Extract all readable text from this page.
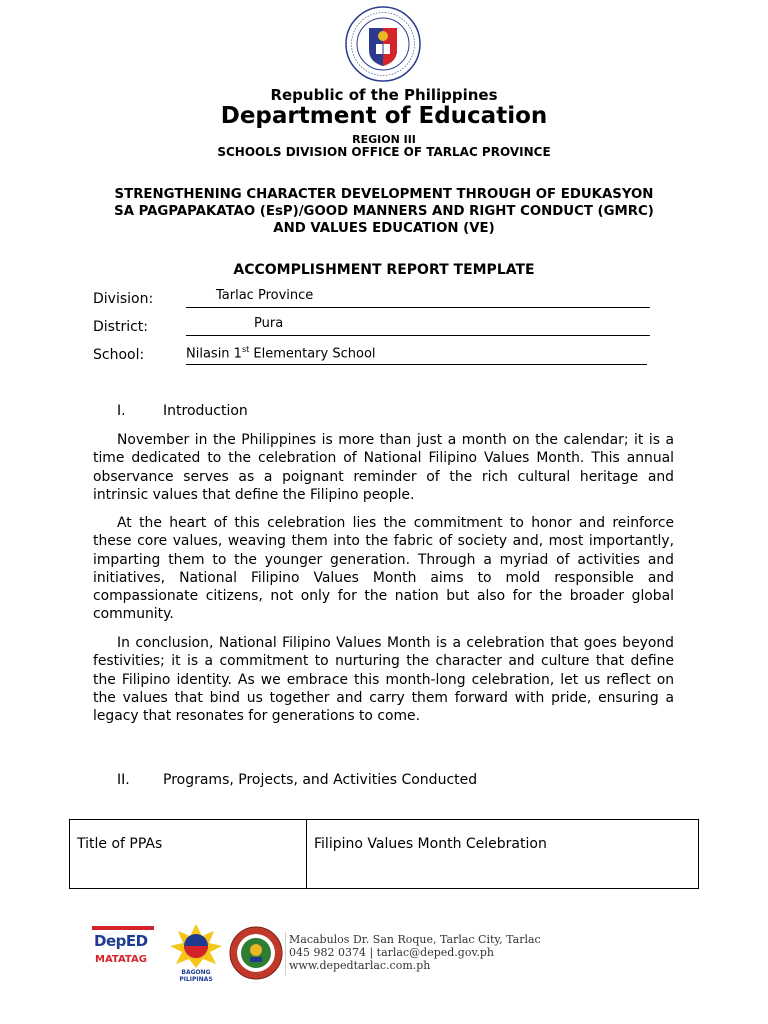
Republic of the Philippines
Department of Education
REGION III
SCHOOLS DIVISION OFFICE OF TARLAC PROVINCE
STRENGTHENING CHARACTER DEVELOPMENT THROUGH OF EDUKASYON
SA PAGPAPAKATAO (EsP)/GOOD MANNERS AND RIGHT CONDUCT (GMRC)
AND VALUES EDUCATION (VE)
ACCOMPLISHMENT REPORT TEMPLATE
Division:	Tarlac Province
District:	Pura
School:	Nilasin 1st Elementary School
I.	Introduction
November in the Philippines is more than just a month on the calendar; it is a time dedicated to the celebration of National Filipino Values Month. This annual observance serves as a poignant reminder of the rich cultural heritage and intrinsic values that define the Filipino people.
At the heart of this celebration lies the commitment to honor and reinforce these core values, weaving them into the fabric of society and, most importantly, imparting them to the younger generation. Through a myriad of activities and initiatives, National Filipino Values Month aims to mold responsible and compassionate citizens, not only for the nation but also for the broader global community.
In conclusion, National Filipino Values Month is a celebration that goes beyond festivities; it is a commitment to nurturing the character and culture that define the Filipino identity. As we embrace this month-long celebration, let us reflect on the values that bind us together and carry them forward with pride, ensuring a legacy that resonates for generations to come.
II. Programs, Projects, and Activities Conducted
Title of PPAs	Filipino Values Month Celebration
DepED
MATATAG
BAGONG PILIPINAS
Macabulos Dr. San Roque, Tarlac City, Tarlac
045 982 0374 | tarlac@deped.gov.ph
www.depedtarlac.com.ph
